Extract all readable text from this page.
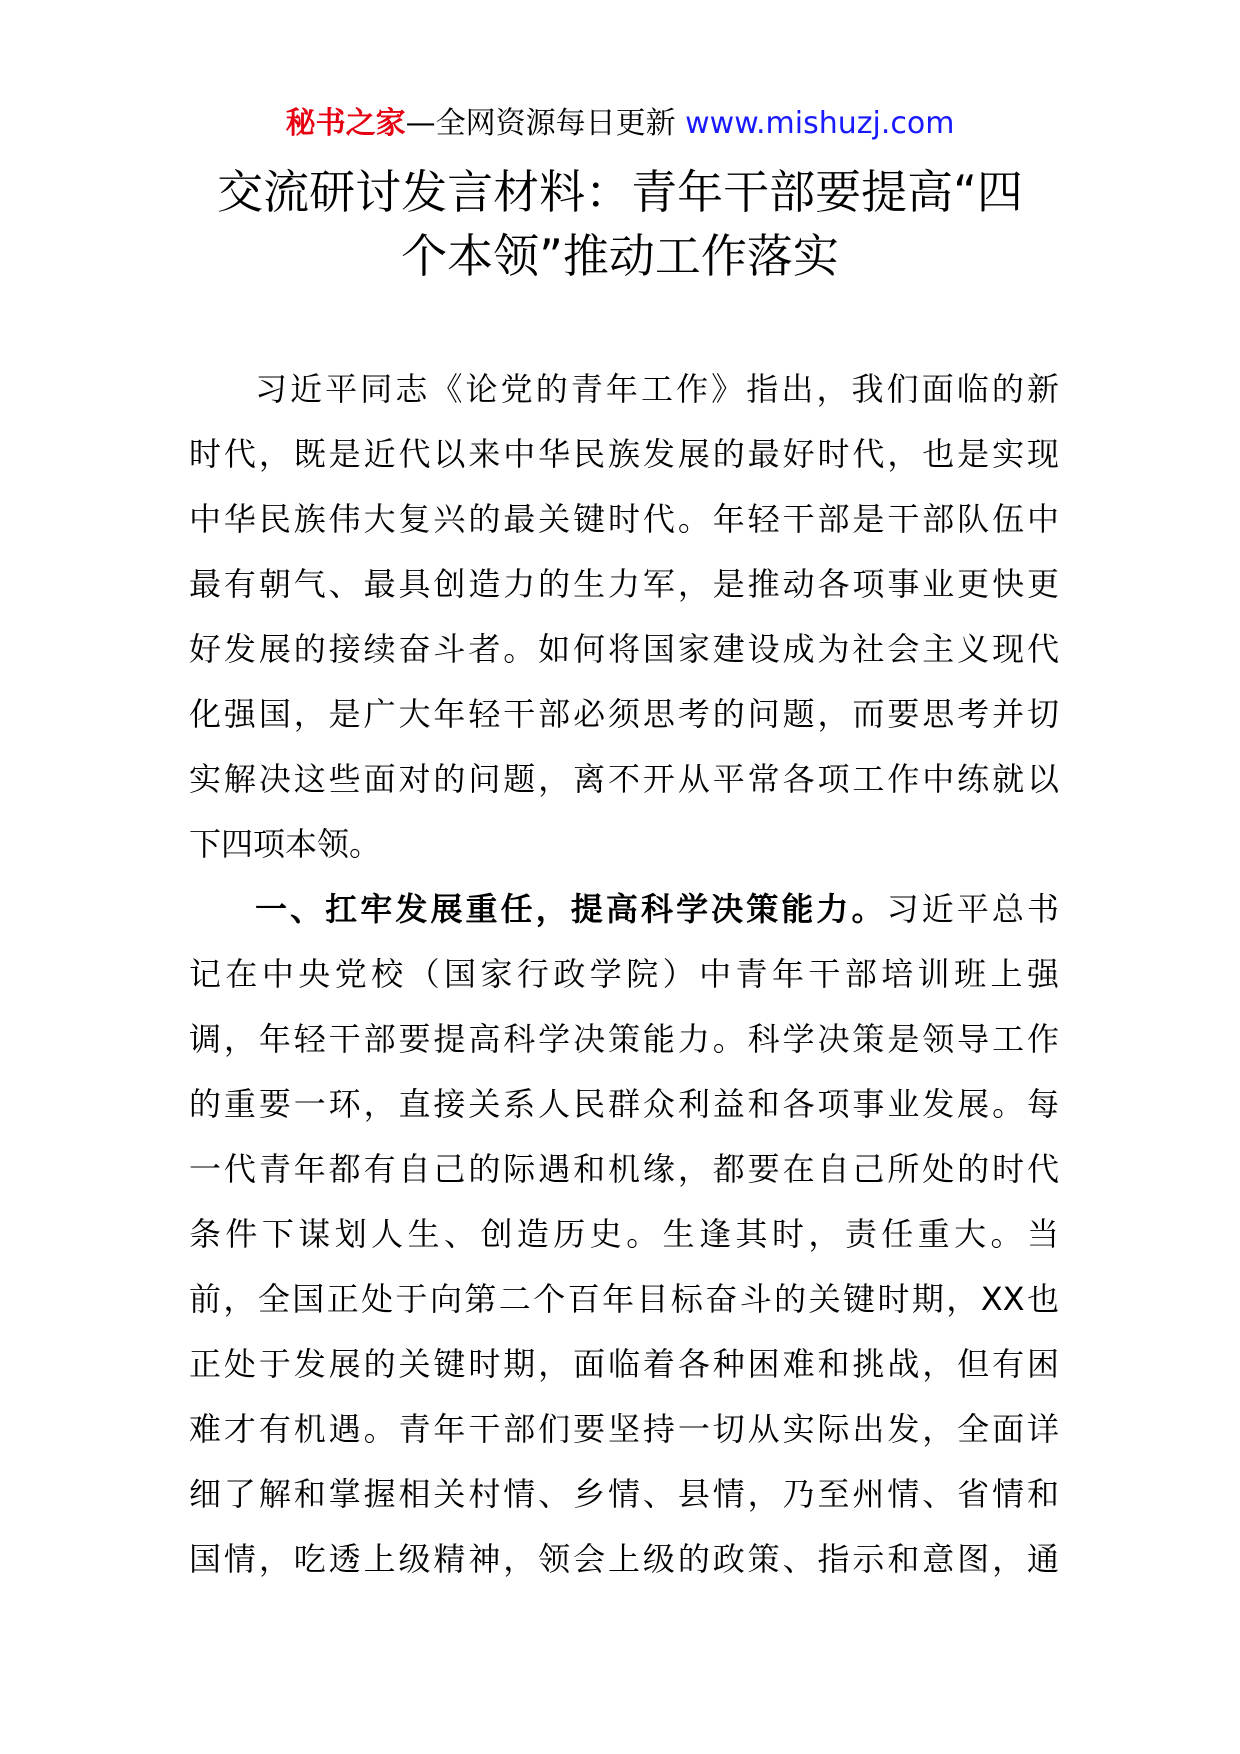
秘书之家—全网资源每日更新 www.mishuzj.com
交流研讨发言材料：青年干部要提高“四
个本领”推动工作落实
习近平同志《论党的青年工作》指出，我们面临的新
时代，既是近代以来中华民族发展的最好时代，也是实现
中华民族伟大复兴的最关键时代。年轻干部是干部队伍中
最有朝气、最具创造力的生力军，是推动各项事业更快更
好发展的接续奋斗者。如何将国家建设成为社会主义现代
化强国，是广大年轻干部必须思考的问题，而要思考并切
实解决这些面对的问题，离不开从平常各项工作中练就以
下四项本领。
一、扛牢发展重任，提高科学决策能力。习近平总书
记在中央党校（国家行政学院）中青年干部培训班上强
调，年轻干部要提高科学决策能力。科学决策是领导工作
的重要一环，直接关系人民群众利益和各项事业发展。每
一代青年都有自己的际遇和机缘，都要在自己所处的时代
条件下谋划人生、创造历史。生逢其时，责任重大。当
前，全国正处于向第二个百年目标奋斗的关键时期，XX也
正处于发展的关键时期，面临着各种困难和挑战，但有困
难才有机遇。青年干部们要坚持一切从实际出发，全面详
细了解和掌握相关村情、乡情、县情，乃至州情、省情和
国情，吃透上级精神，领会上级的政策、指示和意图，通
